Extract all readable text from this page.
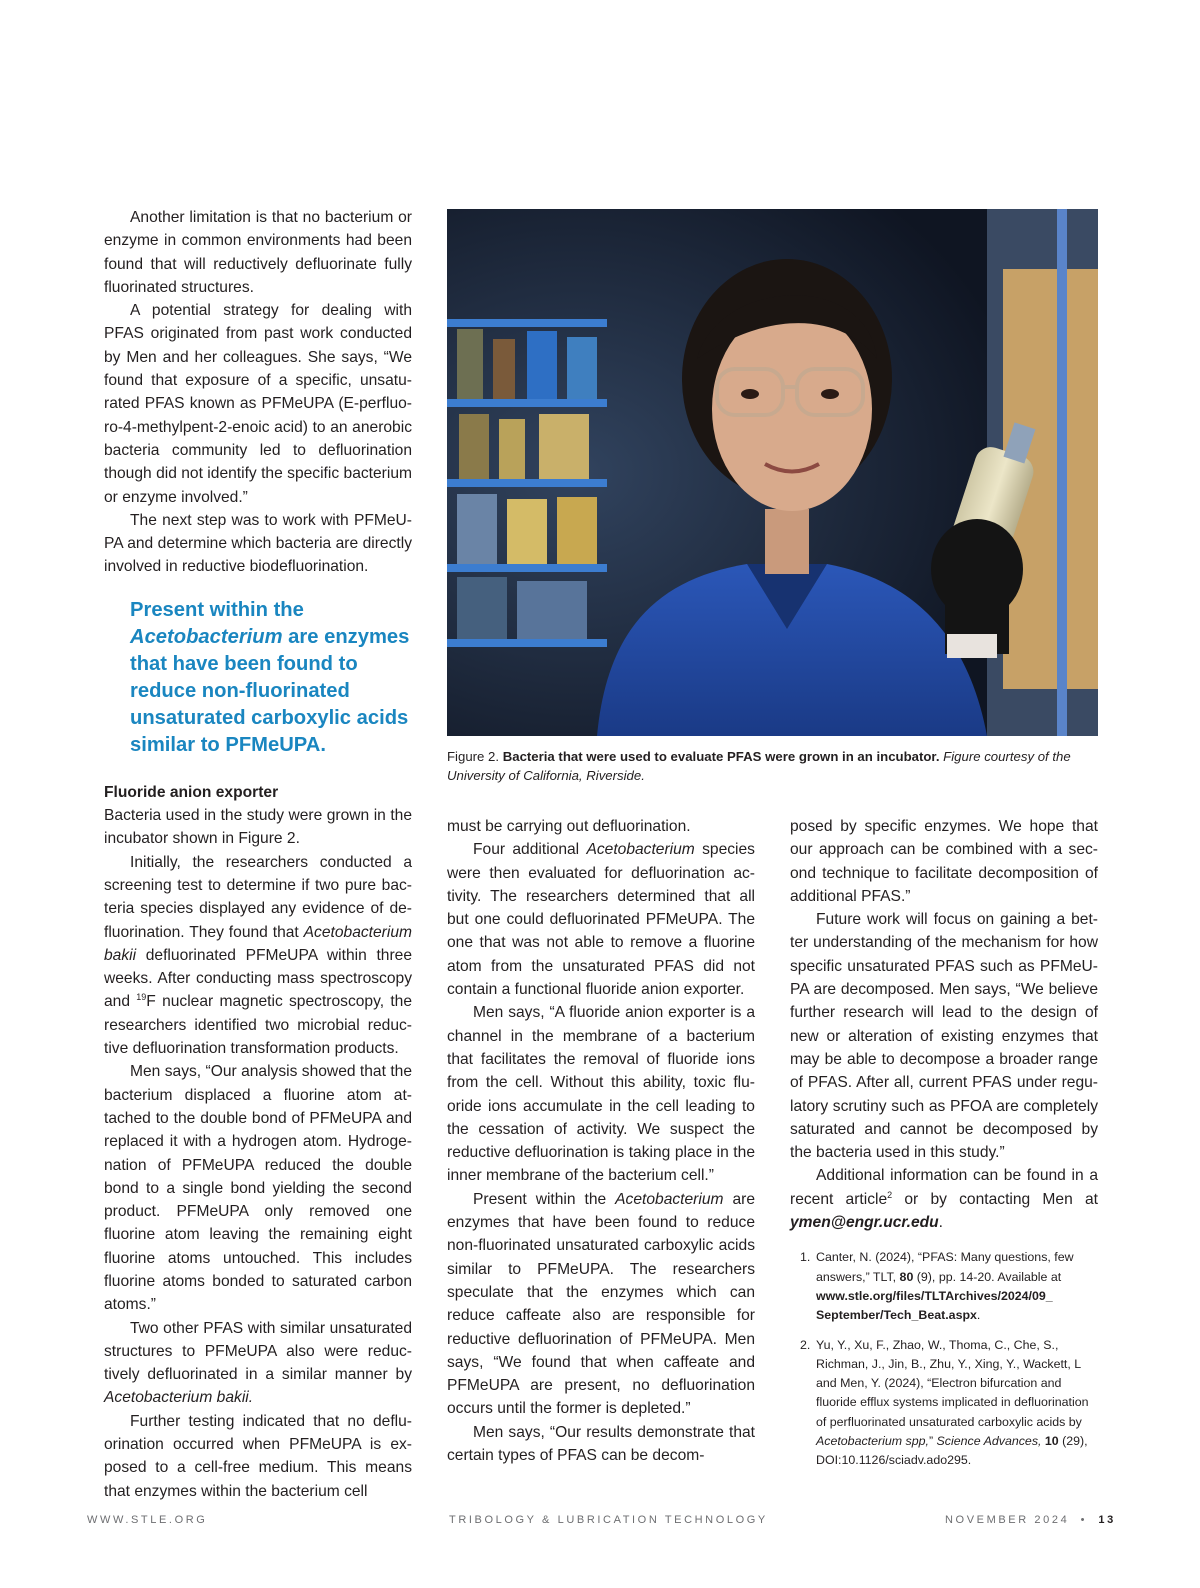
Another limitation is that no bacterium or enzyme in common environments had been found that will reductively defluorinate fully fluorinated structures.

A potential strategy for dealing with PFAS originated from past work conducted by Men and her colleagues. She says, “We found that exposure of a specific, unsaturated PFAS known as PFMeUPA (E-perfluoro-4-methylpent-2-enoic acid) to an anerobic bacteria community led to defluorination though did not identify the specific bacterium or enzyme involved.”

The next step was to work with PFMeUPA and determine which bacteria are directly involved in reductive biodefluorination.

Present within the Acetobacterium are enzymes that have been found to reduce non-fluorinated unsaturated carboxylic acids similar to PFMeUPA.

Fluoride anion exporter

Bacteria used in the study were grown in the incubator shown in Figure 2.

Initially, the researchers conducted a screening test to determine if two pure bacteria species displayed any evidence of defluorination. They found that Acetobacterium bakii defluorinated PFMeUPA within three weeks. After conducting mass spectroscopy and $^{19}$F nuclear magnetic spectroscopy, the researchers identified two microbial reductive defluorination transformation products.

Men says, “Our analysis showed that the bacterium displaced a fluorine atom attached to the double bond of PFMeUPA and replaced it with a hydrogen atom. Hydrogenation of PFMeUPA reduced the double bond to a single bond yielding the second product. PFMeUPA only removed one fluorine atom leaving the remaining eight fluorine atoms untouched. This includes fluorine atoms bonded to saturated carbon atoms.”

Two other PFAS with similar unsaturated structures to PFMeUPA also were reductively defluorinated in a similar manner by Acetobacterium bakii.

Further testing indicated that no defluorination occurred when PFMeUPA is exposed to a cell-free medium. This means that enzymes within the bacterium cell

Figure 2. Bacteria that were used to evaluate PFAS were grown in an incubator. Figure courtesy of the University of California, Riverside.

must be carrying out defluorination.

Four additional Acetobacterium species were then evaluated for defluorination activity. The researchers determined that all but one could defluorinated PFMeUPA. The one that was not able to remove a fluorine atom from the unsaturated PFAS did not contain a functional fluoride anion exporter.

Men says, “A fluoride anion exporter is a channel in the membrane of a bacterium that facilitates the removal of fluoride ions from the cell. Without this ability, toxic fluoride ions accumulate in the cell leading to the cessation of activity. We suspect the reductive defluorination is taking place in the inner membrane of the bacterium cell.”

Present within the Acetobacterium are enzymes that have been found to reduce non-fluorinated unsaturated carboxylic acids similar to PFMeUPA. The researchers speculate that the enzymes which can reduce caffeate also are responsible for reductive defluorination of PFMeUPA. Men says, “We found that when caffeate and PFMeUPA are present, no defluorination occurs until the former is depleted.”

Men says, “Our results demonstrate that certain types of PFAS can be decom-

posed by specific enzymes. We hope that our approach can be combined with a second technique to facilitate decomposition of additional PFAS.”

Future work will focus on gaining a better understanding of the mechanism for how specific unsaturated PFAS such as PFMeUPA are decomposed. Men says, “We believe further research will lead to the design of new or alteration of existing enzymes that may be able to decompose a broader range of PFAS. After all, current PFAS under regulatory scrutiny such as PFOA are completely saturated and cannot be decomposed by the bacteria used in this study.”

Additional information can be found in a recent article$^2$ or by contacting Men at ymen@engr.ucr.edu.

1. Canter, N. (2024), “PFAS: Many questions, few answers,” TLT, 80 (9), pp. 14-20. Available at www.stle.org/files/TLTArchives/2024/09_ September/Tech_Beat.aspx.
2. Yu, Y., Xu, F., Zhao, W., Thoma, C., Che, S., Richman, J., Jin, B., Zhu, Y., Xing, Y., Wackett, L and Men, Y. (2024), “Electron bifurcation and fluoride efflux systems implicated in defluorination of perfluorinated unsaturated carboxylic acids by Acetobacterium spp,” Science Advances, 10 (29), DOI:10.1126/sciadv.ado295.
WWW.STLE.ORG	TRIBOLOGY & LUBRICATION TECHNOLOGY	NOVEMBER 2024 • 13
